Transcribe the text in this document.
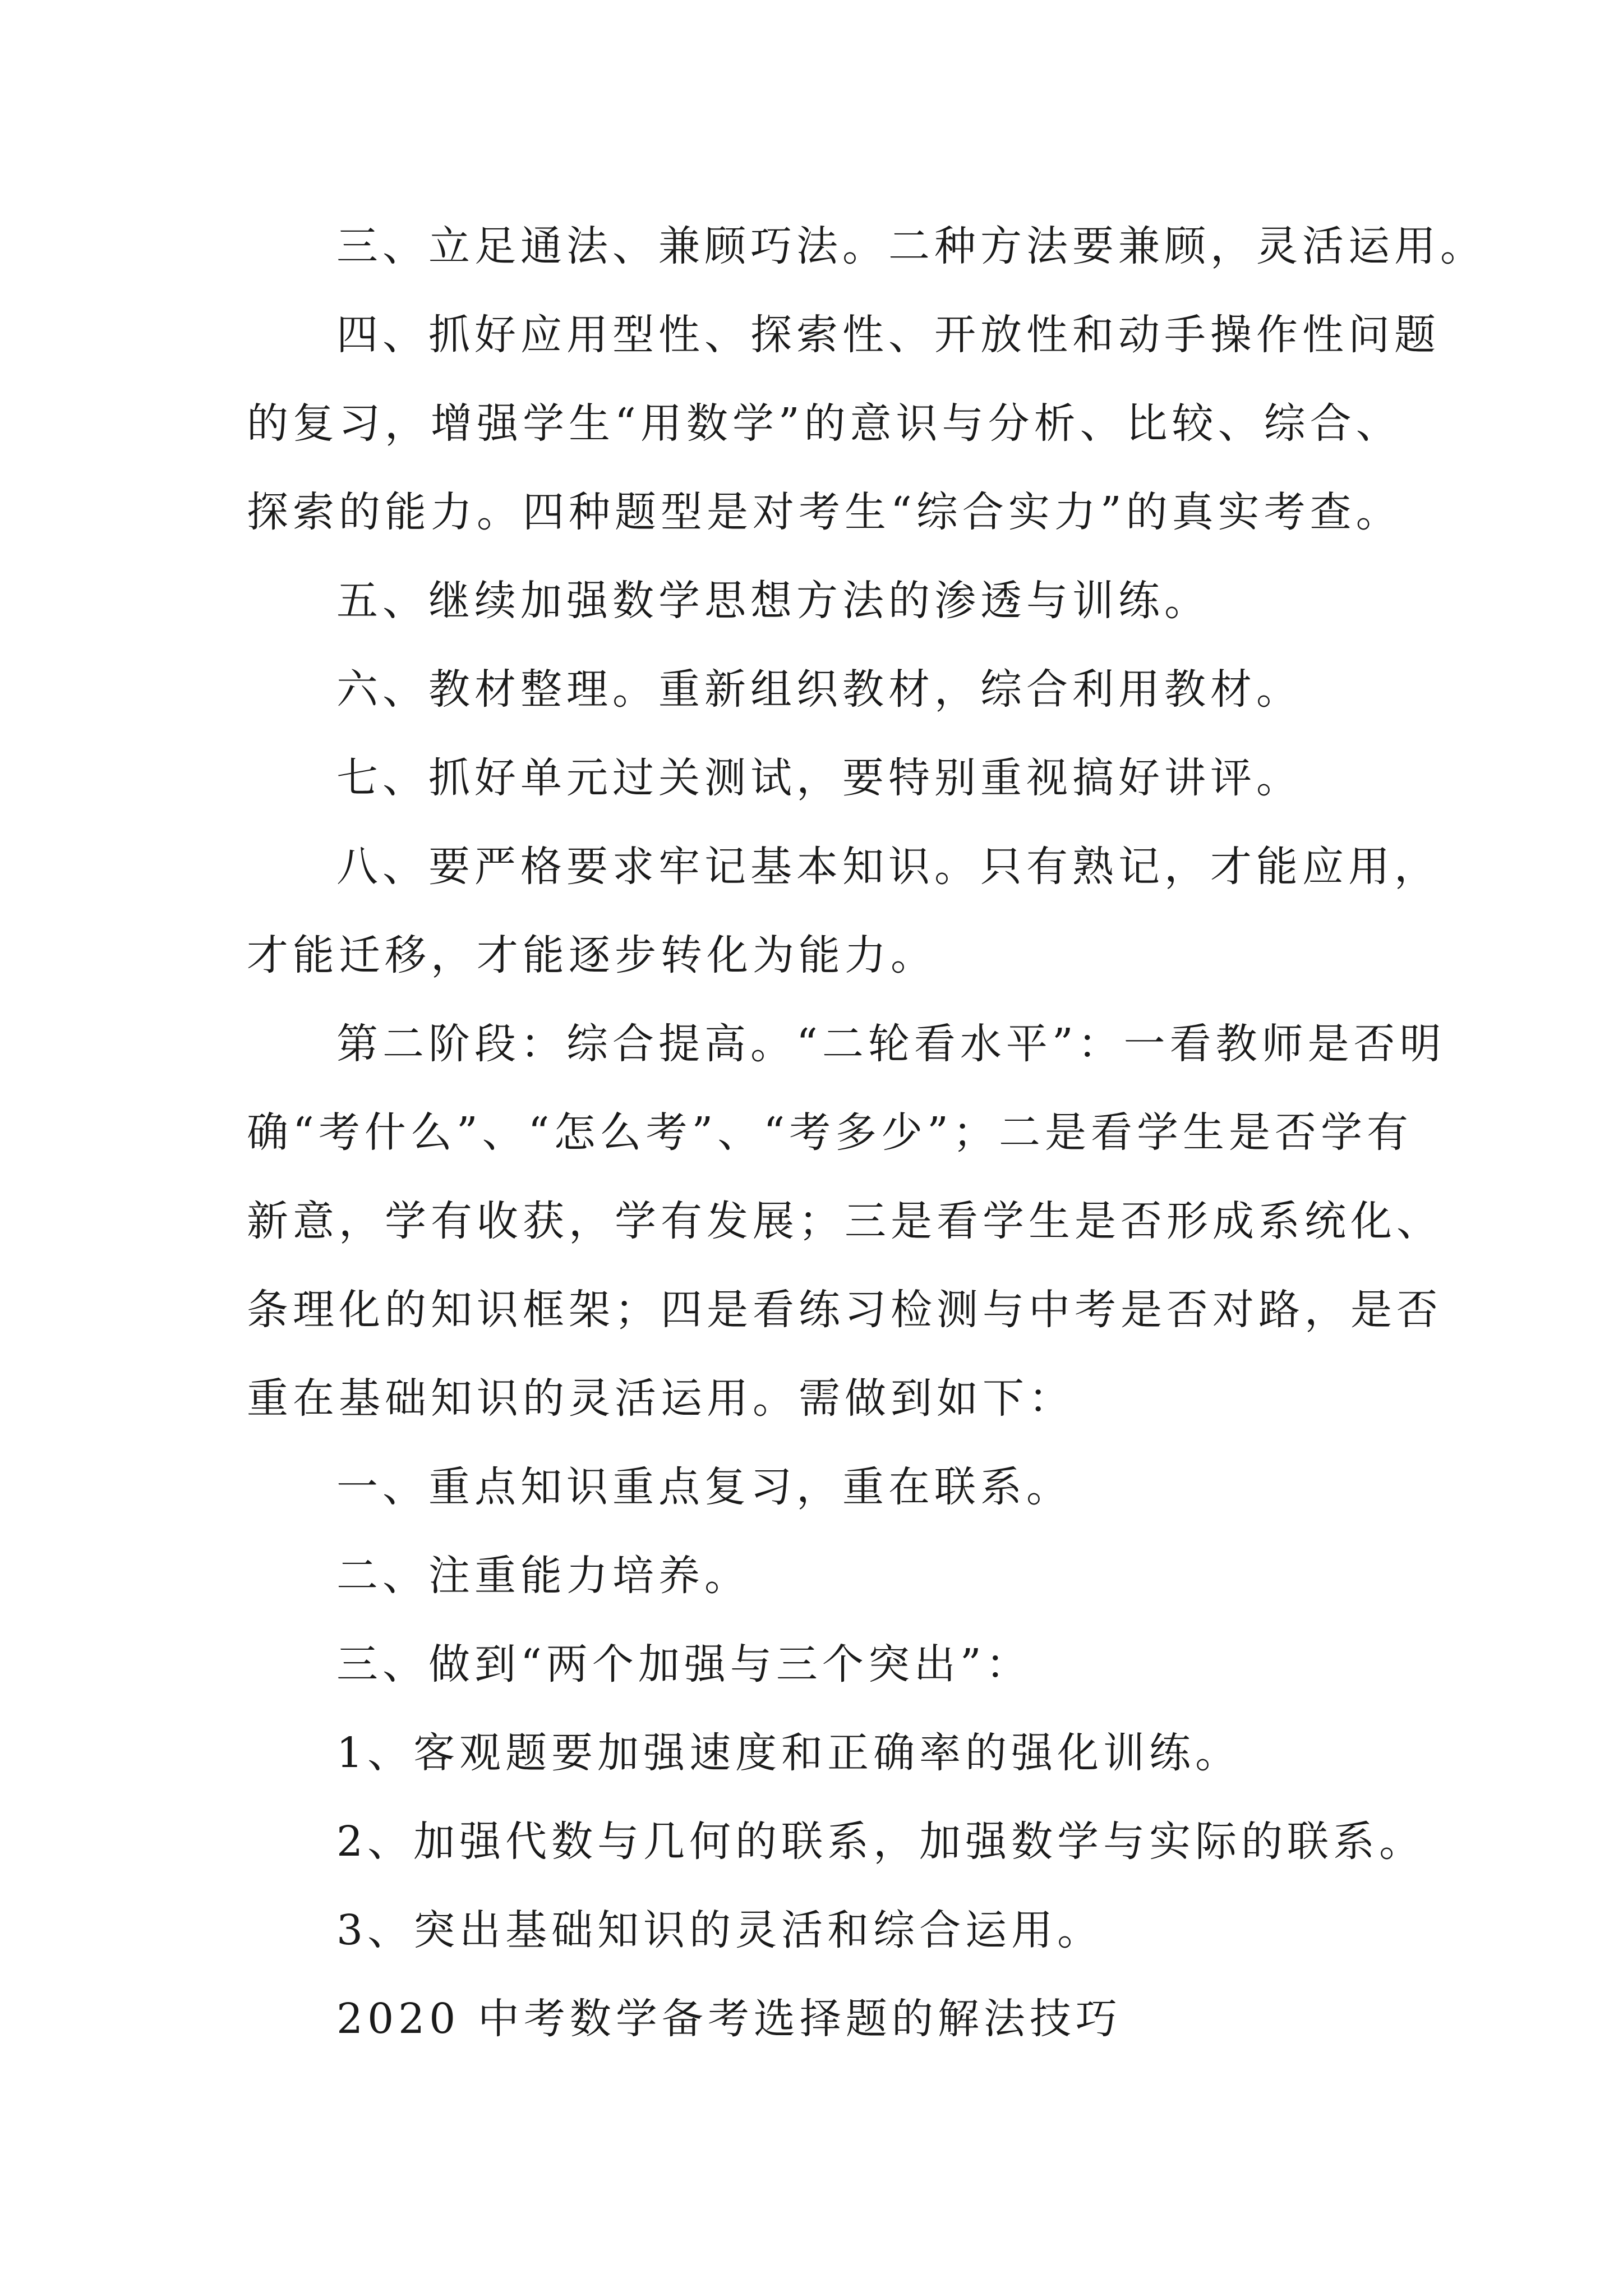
三、立足通法、兼顾巧法。二种方法要兼顾，灵活运用。

四、抓好应用型性、探索性、开放性和动手操作性问题

的复习，增强学生“用数学”的意识与分析、比较、综合、

探索的能力。四种题型是对考生“综合实力”的真实考查。

五、继续加强数学思想方法的渗透与训练。

六、教材整理。重新组织教材，综合利用教材。

七、抓好单元过关测试，要特别重视搞好讲评。

八、要严格要求牢记基本知识。只有熟记，才能应用，

才能迁移，才能逐步转化为能力。

第二阶段：综合提高。“二轮看水平”：一看教师是否明

确“考什么”、“怎么考”、“考多少”；二是看学生是否学有

新意，学有收获，学有发展；三是看学生是否形成系统化、

条理化的知识框架；四是看练习检测与中考是否对路，是否

重在基础知识的灵活运用。需做到如下：

一、重点知识重点复习，重在联系。

二、注重能力培养。

三、做到“两个加强与三个突出”：

1、客观题要加强速度和正确率的强化训练。

2、加强代数与几何的联系，加强数学与实际的联系。

3、突出基础知识的灵活和综合运用。

2020 中考数学备考选择题的解法技巧
